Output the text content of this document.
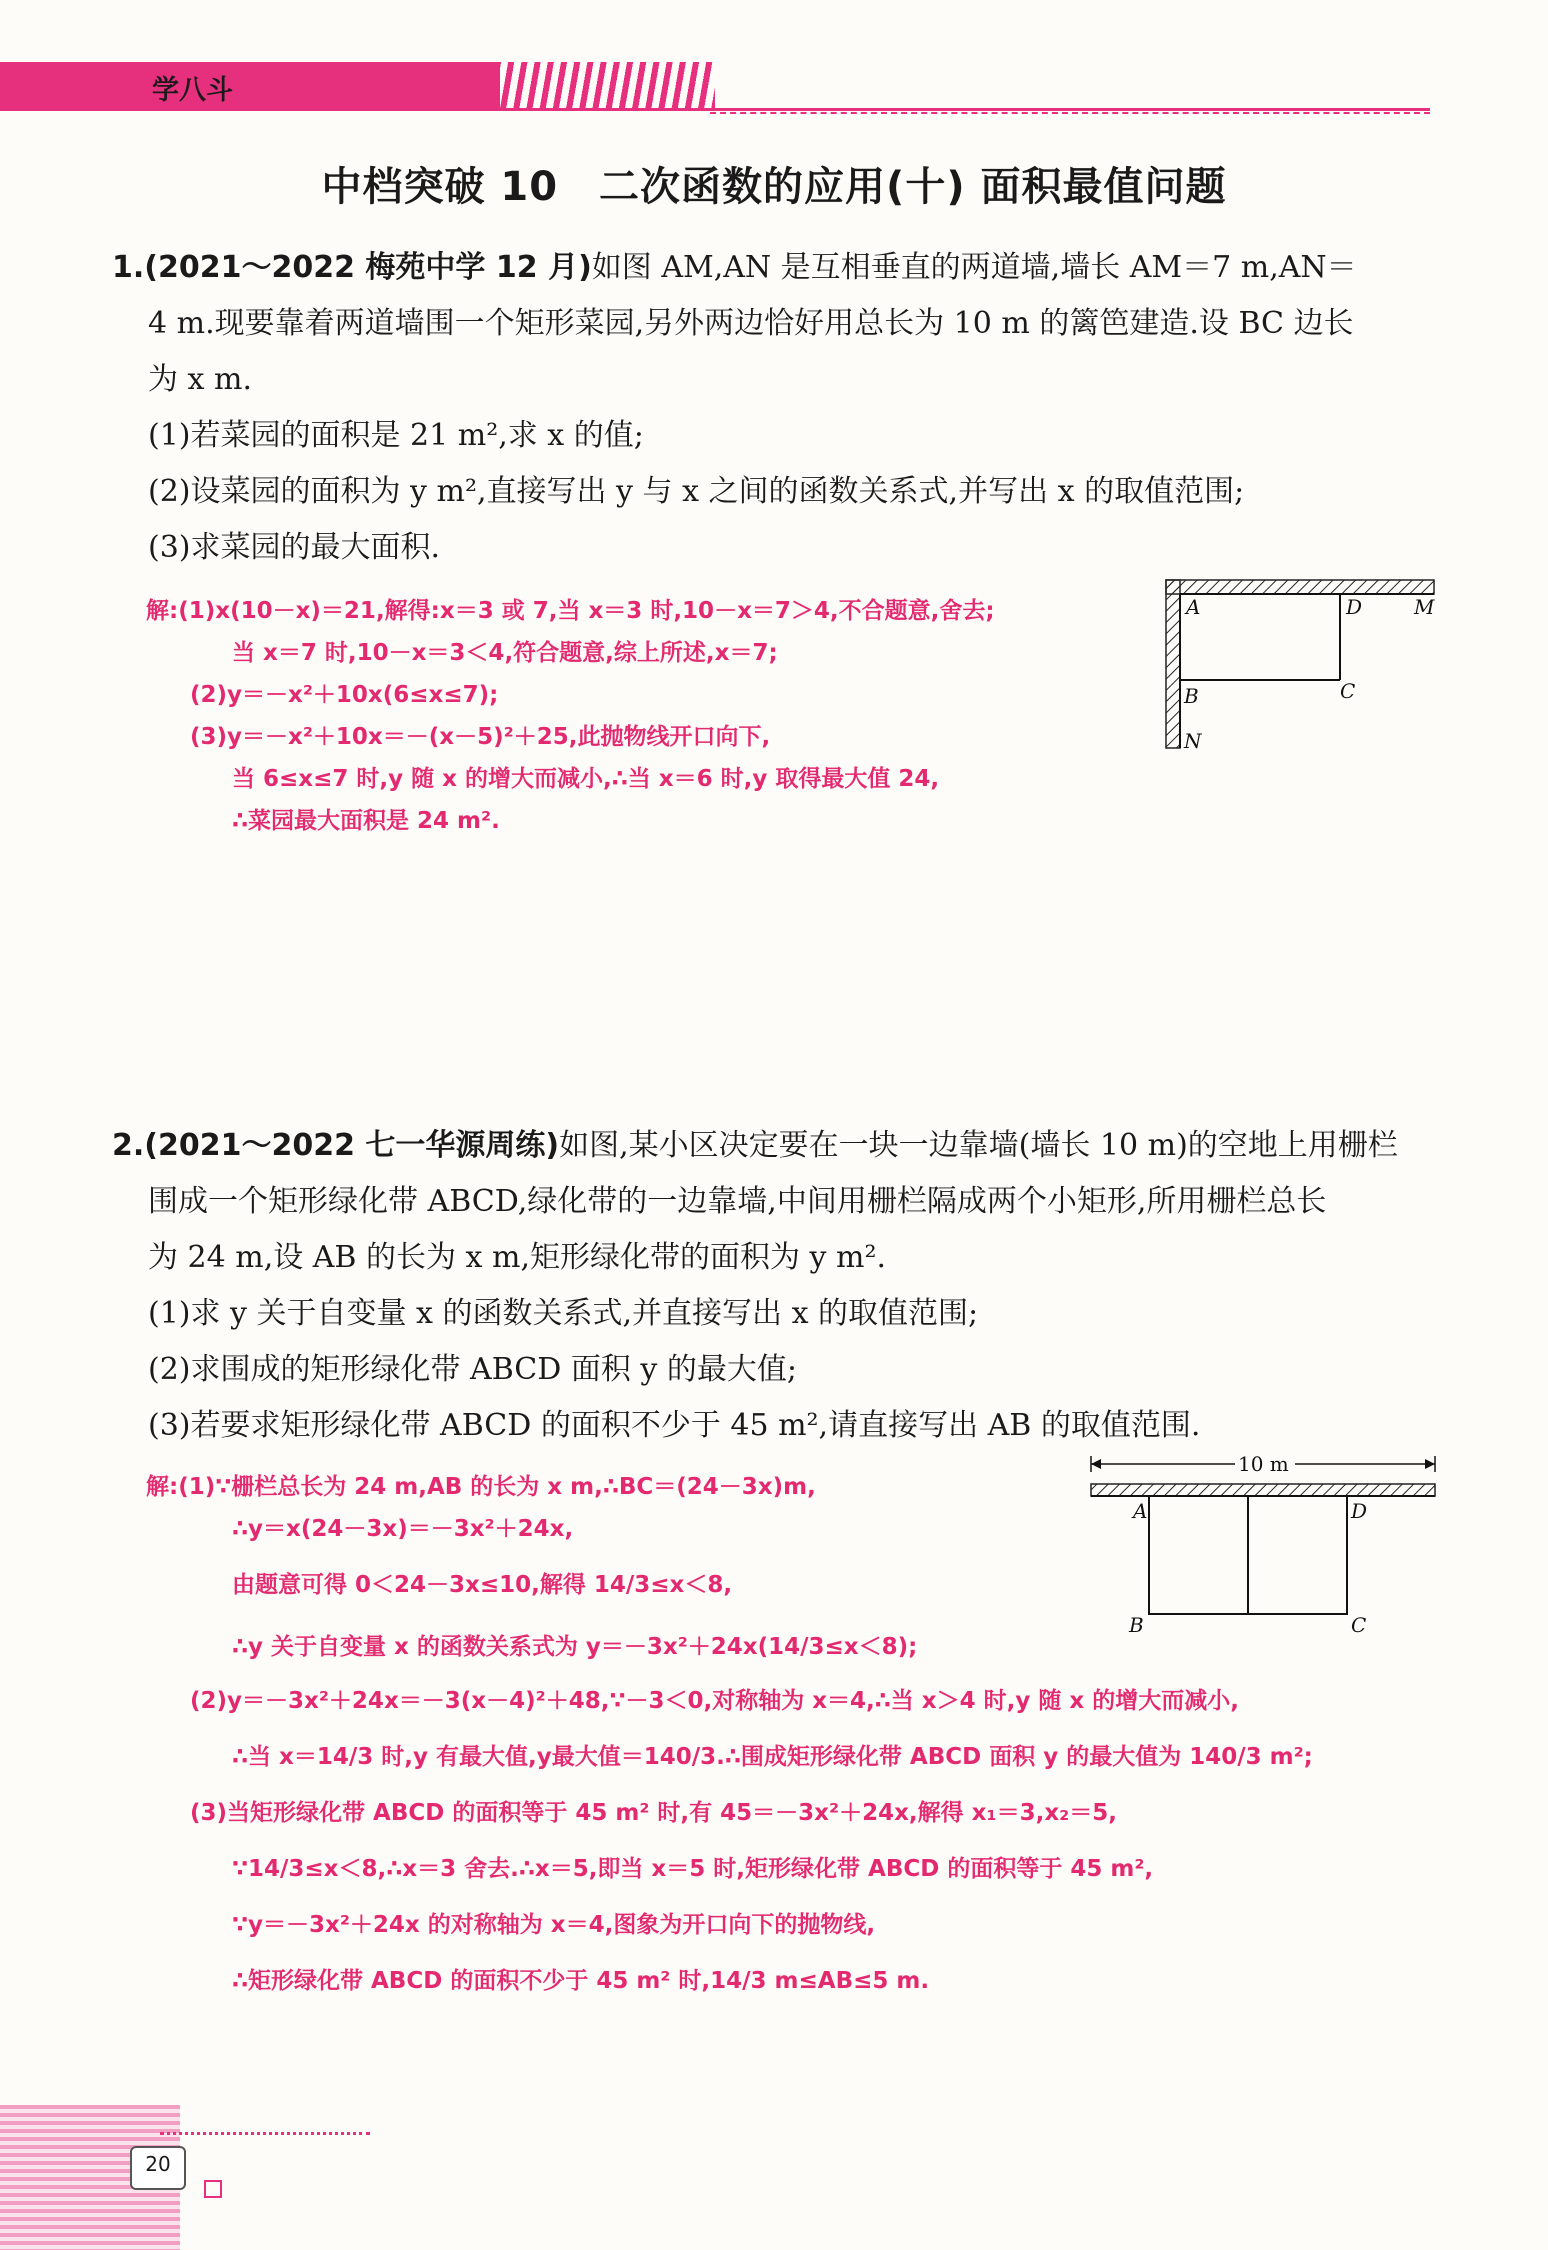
学八斗
中档突破 10　二次函数的应用(十) 面积最值问题
1.(2021～2022 梅苑中学 12 月)如图 AM,AN 是互相垂直的两道墙,墙长 AM＝7 m,AN＝
4 m.现要靠着两道墙围一个矩形菜园,另外两边恰好用总长为 10 m 的篱笆建造.设 BC 边长
为 x m.
(1)若菜园的面积是 21 m²,求 x 的值;
(2)设菜园的面积为 y m²,直接写出 y 与 x 之间的函数关系式,并写出 x 的取值范围;
(3)求菜园的最大面积.
解:(1)x(10－x)＝21,解得:x＝3 或 7,当 x＝3 时,10－x＝7＞4,不合题意,舍去;
当 x＝7 时,10－x＝3＜4,符合题意,综上所述,x＝7;
(2)y＝－x²＋10x(6≤x≤7);
(3)y＝－x²＋10x＝－(x－5)²＋25,此抛物线开口向下,
当 6≤x≤7 时,y 随 x 的增大而减小,∴当 x＝6 时,y 取得最大值 24,
∴菜园最大面积是 24 m².
A	D	M
B	C
N
2.(2021～2022 七一华源周练)如图,某小区决定要在一块一边靠墙(墙长 10 m)的空地上用栅栏
围成一个矩形绿化带 ABCD,绿化带的一边靠墙,中间用栅栏隔成两个小矩形,所用栅栏总长
为 24 m,设 AB 的长为 x m,矩形绿化带的面积为 y m².
(1)求 y 关于自变量 x 的函数关系式,并直接写出 x 的取值范围;
(2)求围成的矩形绿化带 ABCD 面积 y 的最大值;
(3)若要求矩形绿化带 ABCD 的面积不少于 45 m²,请直接写出 AB 的取值范围.
解:(1)∵栅栏总长为 24 m,AB 的长为 x m,∴BC＝(24－3x)m,
∴y＝x(24－3x)＝－3x²＋24x,
由题意可得 0＜24－3x≤10,解得 14/3≤x＜8,
∴y 关于自变量 x 的函数关系式为 y＝－3x²＋24x(14/3≤x＜8);
(2)y＝－3x²＋24x＝－3(x－4)²＋48,∵－3＜0,对称轴为 x＝4,∴当 x＞4 时,y 随 x 的增大而减小,
∴当 x＝14/3 时,y 有最大值,y最大值＝140/3.∴围成矩形绿化带 ABCD 面积 y 的最大值为 140/3 m²;
(3)当矩形绿化带 ABCD 的面积等于 45 m² 时,有 45＝－3x²＋24x,解得 x₁＝3,x₂＝5,
∵14/3≤x＜8,∴x＝3 舍去.∴x＝5,即当 x＝5 时,矩形绿化带 ABCD 的面积等于 45 m²,
∵y＝－3x²＋24x 的对称轴为 x＝4,图象为开口向下的抛物线,
∴矩形绿化带 ABCD 的面积不少于 45 m² 时,14/3 m≤AB≤5 m.
10 m
A	D
B	C
20
